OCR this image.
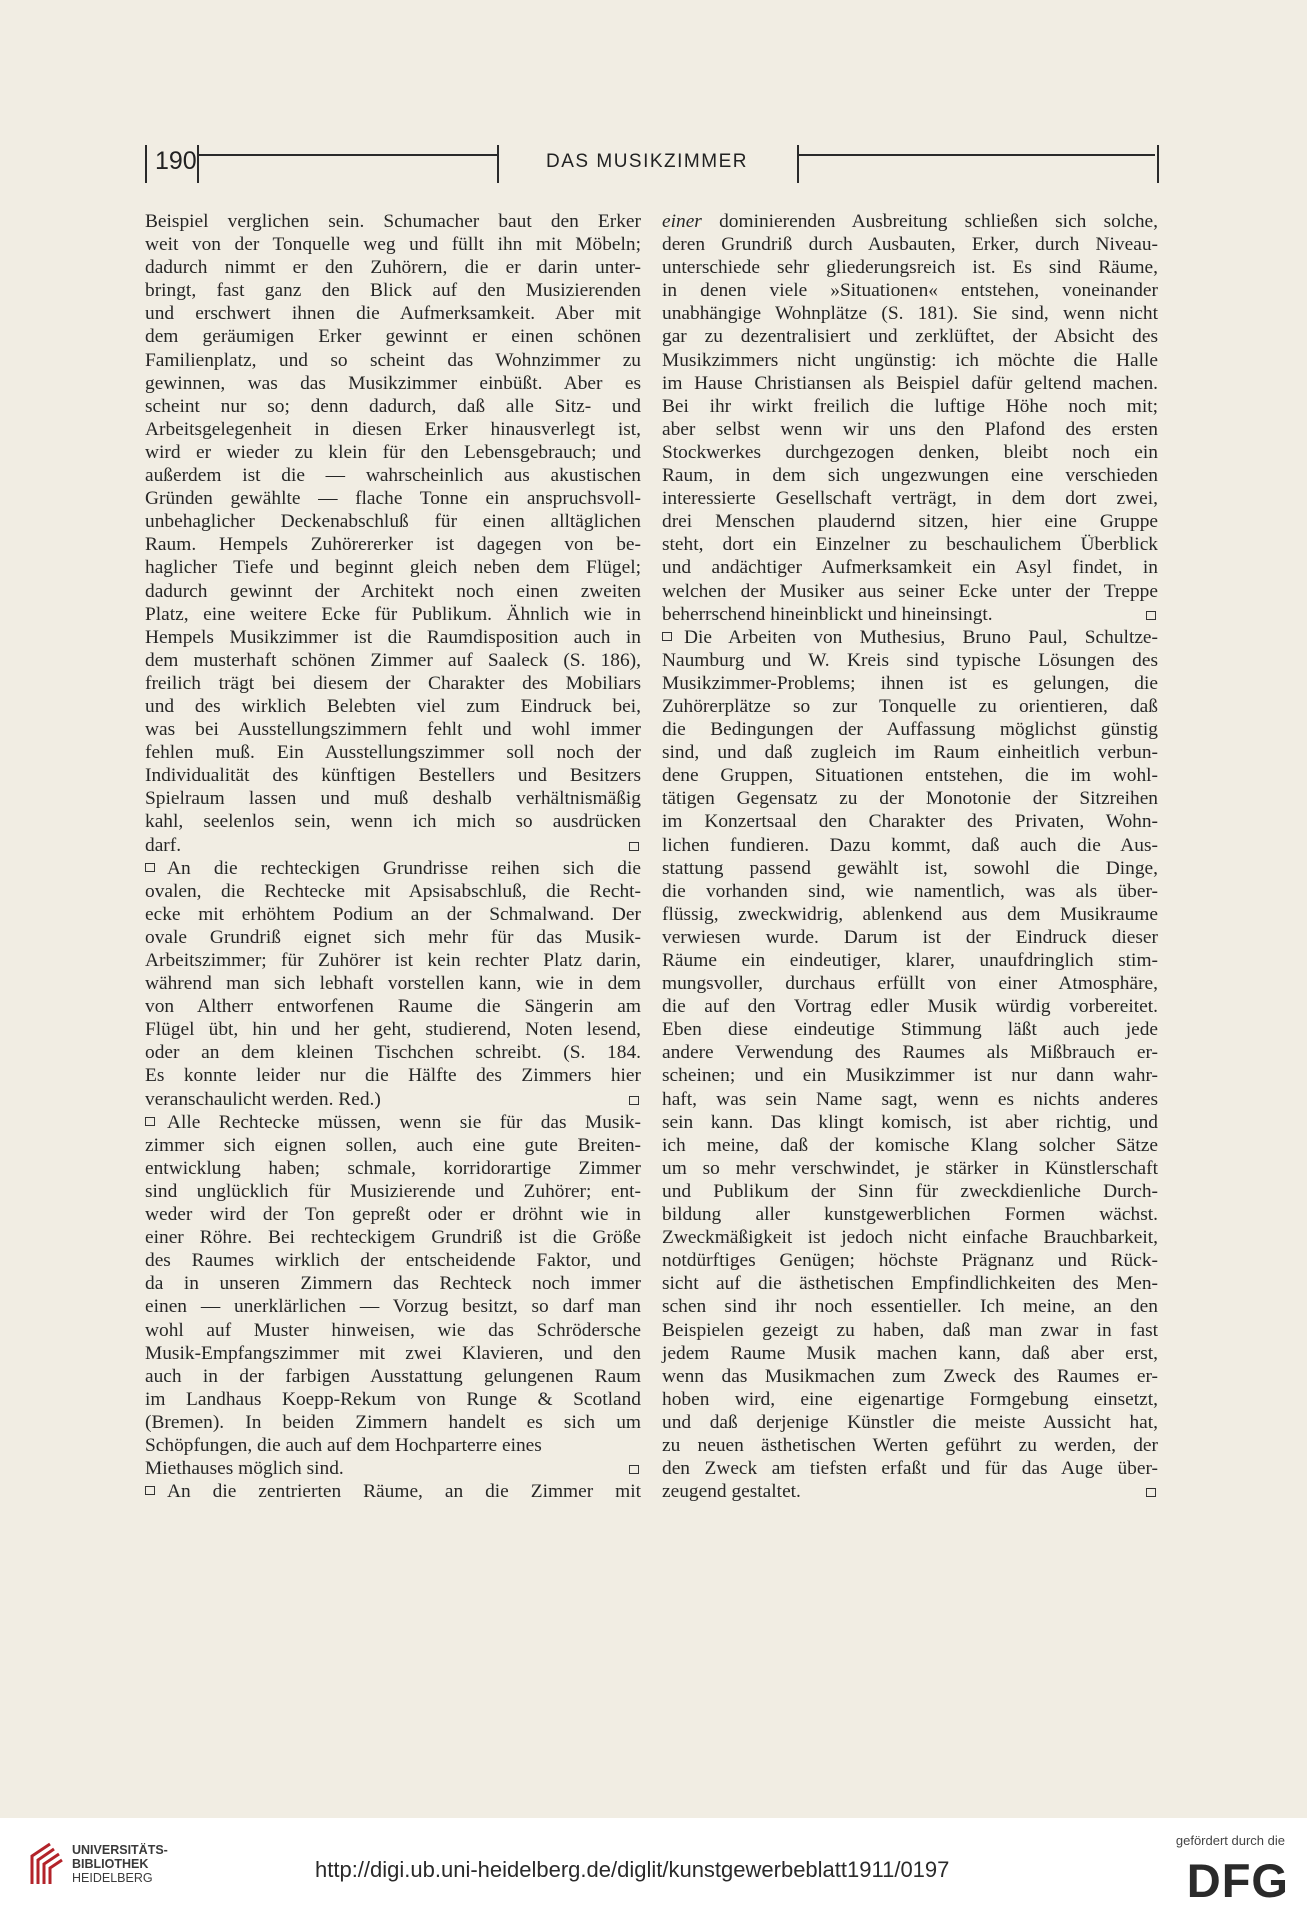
190	DAS MUSIKZIMMER
Beispiel verglichen sein. Schumacher baut den Erker
weit von der Tonquelle weg und füllt ihn mit Möbeln;
dadurch nimmt er den Zuhörern, die er darin unter-
bringt, fast ganz den Blick auf den Musizierenden
und erschwert ihnen die Aufmerksamkeit. Aber mit
dem geräumigen Erker gewinnt er einen schönen
Familienplatz, und so scheint das Wohnzimmer zu
gewinnen, was das Musikzimmer einbüßt. Aber es
scheint nur so; denn dadurch, daß alle Sitz- und
Arbeitsgelegenheit in diesen Erker hinausverlegt ist,
wird er wieder zu klein für den Lebensgebrauch; und
außerdem ist die — wahrscheinlich aus akustischen
Gründen gewählte — flache Tonne ein anspruchsvoll-
unbehaglicher Deckenabschluß für einen alltäglichen
Raum. Hempels Zuhörererker ist dagegen von be-
haglicher Tiefe und beginnt gleich neben dem Flügel;
dadurch gewinnt der Architekt noch einen zweiten
Platz, eine weitere Ecke für Publikum. Ähnlich wie in
Hempels Musikzimmer ist die Raumdisposition auch in
dem musterhaft schönen Zimmer auf Saaleck (S. 186),
freilich trägt bei diesem der Charakter des Mobiliars
und des wirklich Belebten viel zum Eindruck bei,
was bei Ausstellungszimmern fehlt und wohl immer
fehlen muß. Ein Ausstellungszimmer soll noch der
Individualität des künftigen Bestellers und Besitzers
Spielraum lassen und muß deshalb verhältnismäßig
kahl, seelenlos sein, wenn ich mich so ausdrücken
darf.
An die rechteckigen Grundrisse reihen sich die
ovalen, die Rechtecke mit Apsisabschluß, die Recht-
ecke mit erhöhtem Podium an der Schmalwand. Der
ovale Grundriß eignet sich mehr für das Musik-
Arbeitszimmer; für Zuhörer ist kein rechter Platz darin,
während man sich lebhaft vorstellen kann, wie in dem
von Altherr entworfenen Raume die Sängerin am
Flügel übt, hin und her geht, studierend, Noten lesend,
oder an dem kleinen Tischchen schreibt. (S. 184.
Es konnte leider nur die Hälfte des Zimmers hier
veranschaulicht werden. Red.)
Alle Rechtecke müssen, wenn sie für das Musik-
zimmer sich eignen sollen, auch eine gute Breiten-
entwicklung haben; schmale, korridorartige Zimmer
sind unglücklich für Musizierende und Zuhörer; ent-
weder wird der Ton gepreßt oder er dröhnt wie in
einer Röhre. Bei rechteckigem Grundriß ist die Größe
des Raumes wirklich der entscheidende Faktor, und
da in unseren Zimmern das Rechteck noch immer
einen — unerklärlichen — Vorzug besitzt, so darf man
wohl auf Muster hinweisen, wie das Schrödersche
Musik-Empfangszimmer mit zwei Klavieren, und den
auch in der farbigen Ausstattung gelungenen Raum
im Landhaus Koepp-Rekum von Runge & Scotland
(Bremen). In beiden Zimmern handelt es sich um
Schöpfungen, die auch auf dem Hochparterre eines
Miethauses möglich sind.
An die zentrierten Räume, an die Zimmer mit
einer dominierenden Ausbreitung schließen sich solche,
deren Grundriß durch Ausbauten, Erker, durch Niveau-
unterschiede sehr gliederungsreich ist. Es sind Räume,
in denen viele »Situationen« entstehen, voneinander
unabhängige Wohnplätze (S. 181). Sie sind, wenn nicht
gar zu dezentralisiert und zerklüftet, der Absicht des
Musikzimmers nicht ungünstig: ich möchte die Halle
im Hause Christiansen als Beispiel dafür geltend machen.
Bei ihr wirkt freilich die luftige Höhe noch mit;
aber selbst wenn wir uns den Plafond des ersten
Stockwerkes durchgezogen denken, bleibt noch ein
Raum, in dem sich ungezwungen eine verschieden
interessierte Gesellschaft verträgt, in dem dort zwei,
drei Menschen plaudernd sitzen, hier eine Gruppe
steht, dort ein Einzelner zu beschaulichem Überblick
und andächtiger Aufmerksamkeit ein Asyl findet, in
welchen der Musiker aus seiner Ecke unter der Treppe
beherrschend hineinblickt und hineinsingt.
Die Arbeiten von Muthesius, Bruno Paul, Schultze-
Naumburg und W. Kreis sind typische Lösungen des
Musikzimmer-Problems; ihnen ist es gelungen, die
Zuhörerplätze so zur Tonquelle zu orientieren, daß
die Bedingungen der Auffassung möglichst günstig
sind, und daß zugleich im Raum einheitlich verbun-
dene Gruppen, Situationen entstehen, die im wohl-
tätigen Gegensatz zu der Monotonie der Sitzreihen
im Konzertsaal den Charakter des Privaten, Wohn-
lichen fundieren. Dazu kommt, daß auch die Aus-
stattung passend gewählt ist, sowohl die Dinge,
die vorhanden sind, wie namentlich, was als über-
flüssig, zweckwidrig, ablenkend aus dem Musikraume
verwiesen wurde. Darum ist der Eindruck dieser
Räume ein eindeutiger, klarer, unaufdringlich stim-
mungsvoller, durchaus erfüllt von einer Atmosphäre,
die auf den Vortrag edler Musik würdig vorbereitet.
Eben diese eindeutige Stimmung läßt auch jede
andere Verwendung des Raumes als Mißbrauch er-
scheinen; und ein Musikzimmer ist nur dann wahr-
haft, was sein Name sagt, wenn es nichts anderes
sein kann. Das klingt komisch, ist aber richtig, und
ich meine, daß der komische Klang solcher Sätze
um so mehr verschwindet, je stärker in Künstlerschaft
und Publikum der Sinn für zweckdienliche Durch-
bildung aller kunstgewerblichen Formen wächst.
Zweckmäßigkeit ist jedoch nicht einfache Brauchbarkeit,
notdürftiges Genügen; höchste Prägnanz und Rück-
sicht auf die ästhetischen Empfindlichkeiten des Men-
schen sind ihr noch essentieller. Ich meine, an den
Beispielen gezeigt zu haben, daß man zwar in fast
jedem Raume Musik machen kann, daß aber erst,
wenn das Musikmachen zum Zweck des Raumes er-
hoben wird, eine eigenartige Formgebung einsetzt,
und daß derjenige Künstler die meiste Aussicht hat,
zu neuen ästhetischen Werten geführt zu werden, der
den Zweck am tiefsten erfaßt und für das Auge über-
zeugend gestaltet.
UNIVERSITÄTS-
BIBLIOTHEK
HEIDELBERG	http://digi.ub.uni-heidelberg.de/diglit/kunstgewerbeblatt1911/0197
gefördert durch die
DFG
